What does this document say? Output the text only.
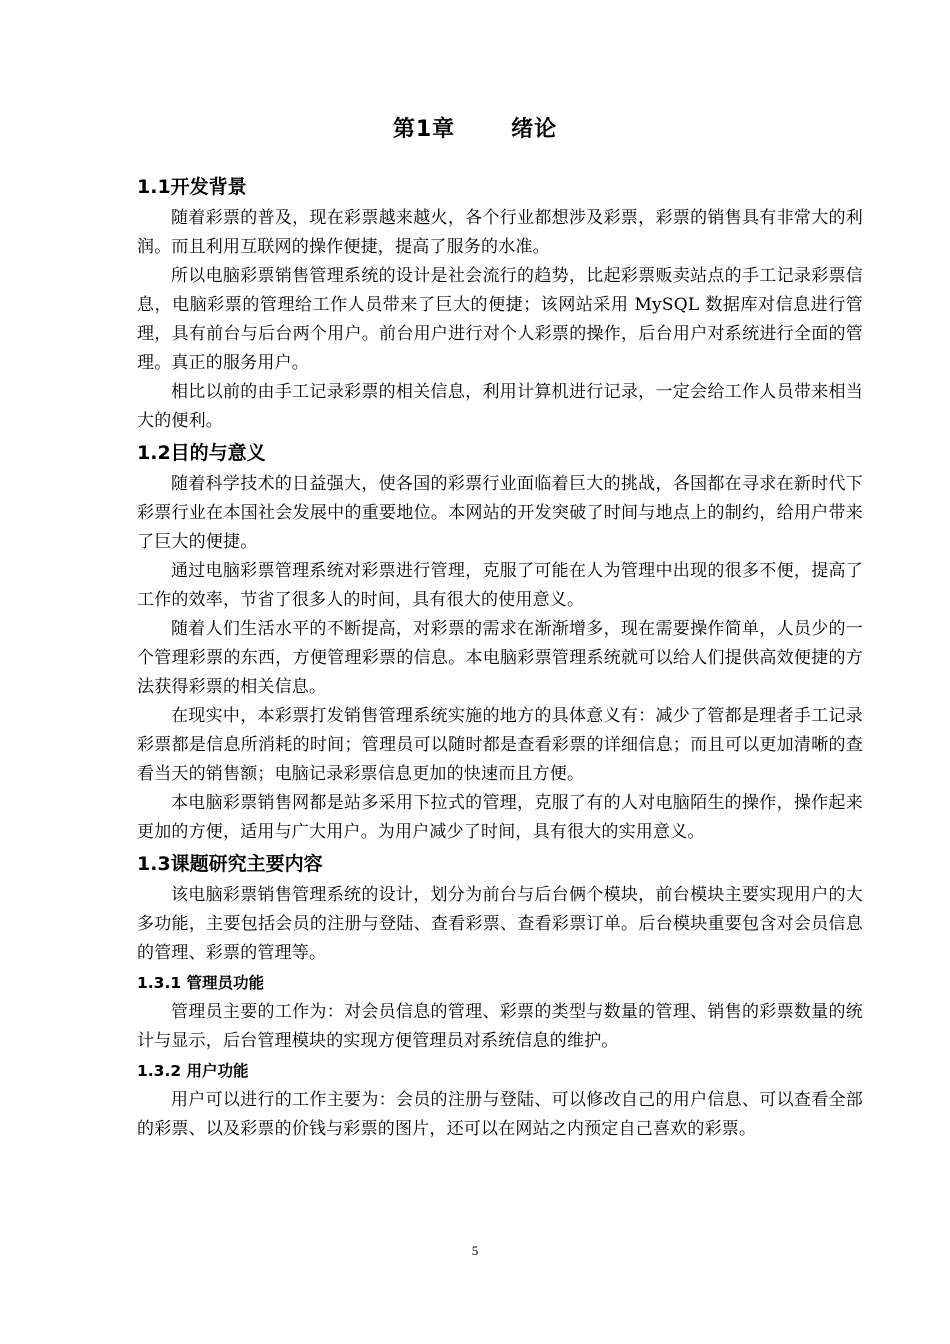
第1章	绪论
1.1开发背景

随着彩票的普及，现在彩票越来越火，各个行业都想涉及彩票，彩票的销售具有非常大的利润。而且利用互联网的操作便捷，提高了服务的水准。

所以电脑彩票销售管理系统的设计是社会流行的趋势，比起彩票贩卖站点的手工记录彩票信息，电脑彩票的管理给工作人员带来了巨大的便捷；该网站采用 MySQL 数据库对信息进行管理，具有前台与后台两个用户。前台用户进行对个人彩票的操作，后台用户对系统进行全面的管理。真正的服务用户。

相比以前的由手工记录彩票的相关信息，利用计算机进行记录，一定会给工作人员带来相当大的便利。

1.2目的与意义

随着科学技术的日益强大，使各国的彩票行业面临着巨大的挑战，各国都在寻求在新时代下彩票行业在本国社会发展中的重要地位。本网站的开发突破了时间与地点上的制约，给用户带来了巨大的便捷。

通过电脑彩票管理系统对彩票进行管理，克服了可能在人为管理中出现的很多不便，提高了工作的效率，节省了很多人的时间，具有很大的使用意义。

随着人们生活水平的不断提高，对彩票的需求在渐渐增多，现在需要操作简单，人员少的一个管理彩票的东西，方便管理彩票的信息。本电脑彩票管理系统就可以给人们提供高效便捷的方法获得彩票的相关信息。

在现实中，本彩票打发销售管理系统实施的地方的具体意义有：减少了管都是理者手工记录彩票都是信息所消耗的时间；管理员可以随时都是查看彩票的详细信息；而且可以更加清晰的查看当天的销售额；电脑记录彩票信息更加的快速而且方便。

本电脑彩票销售网都是站多采用下拉式的管理，克服了有的人对电脑陌生的操作，操作起来更加的方便，适用与广大用户。为用户减少了时间，具有很大的实用意义。

1.3课题研究主要内容

该电脑彩票销售管理系统的设计，划分为前台与后台俩个模块，前台模块主要实现用户的大多功能，主要包括会员的注册与登陆、查看彩票、查看彩票订单。后台模块重要包含对会员信息的管理、彩票的管理等。

1.3.1 管理员功能

管理员主要的工作为：对会员信息的管理、彩票的类型与数量的管理、销售的彩票数量的统计与显示，后台管理模块的实现方便管理员对系统信息的维护。

1.3.2 用户功能

用户可以进行的工作主要为：会员的注册与登陆、可以修改自己的用户信息、可以查看全部的彩票、以及彩票的价钱与彩票的图片，还可以在网站之内预定自己喜欢的彩票。

5
